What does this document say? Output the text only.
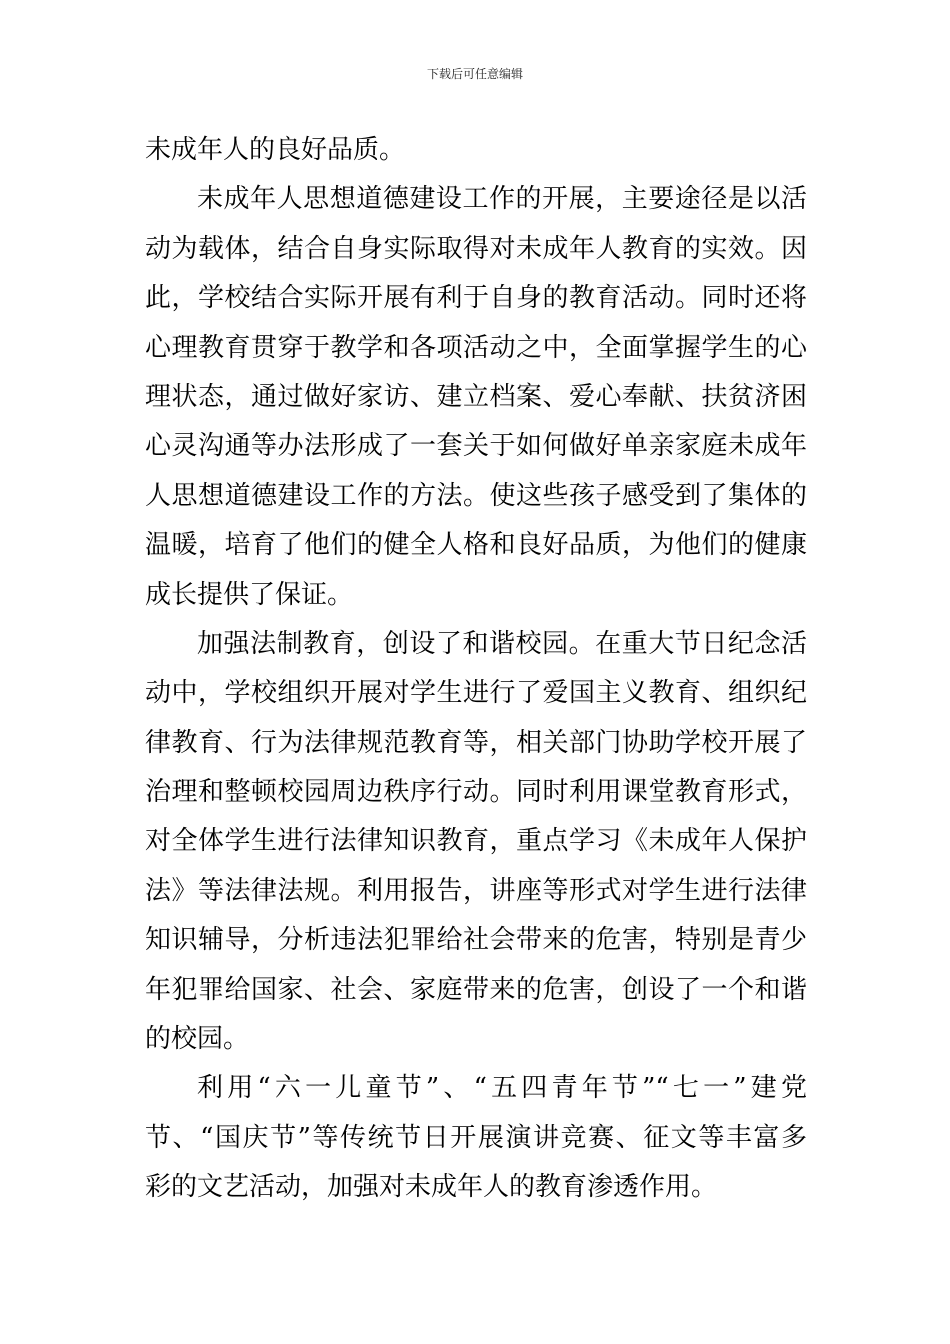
下载后可任意编辑
未成年人的良好品质。
未成年人思想道德建设工作的开展，主要途径是以活
动为载体，结合自身实际取得对未成年人教育的实效。因
此，学校结合实际开展有利于自身的教育活动。同时还将
心理教育贯穿于教学和各项活动之中，全面掌握学生的心
理状态，通过做好家访、建立档案、爱心奉献、扶贫济困
心灵沟通等办法形成了一套关于如何做好单亲家庭未成年
人思想道德建设工作的方法。使这些孩子感受到了集体的
温暖，培育了他们的健全人格和良好品质，为他们的健康
成长提供了保证。
加强法制教育，创设了和谐校园。在重大节日纪念活
动中，学校组织开展对学生进行了爱国主义教育、组织纪
律教育、行为法律规范教育等，相关部门协助学校开展了
治理和整顿校园周边秩序行动。同时利用课堂教育形式，
对全体学生进行法律知识教育，重点学习《未成年人保护
法》等法律法规。利用报告，讲座等形式对学生进行法律
知识辅导，分析违法犯罪给社会带来的危害，特别是青少
年犯罪给国家、社会、家庭带来的危害，创设了一个和谐
的校园。
利用“六一儿童节”、“五四青年节”“七一”建党
节、“国庆节”等传统节日开展演讲竞赛、征文等丰富多
彩的文艺活动，加强对未成年人的教育渗透作用。
